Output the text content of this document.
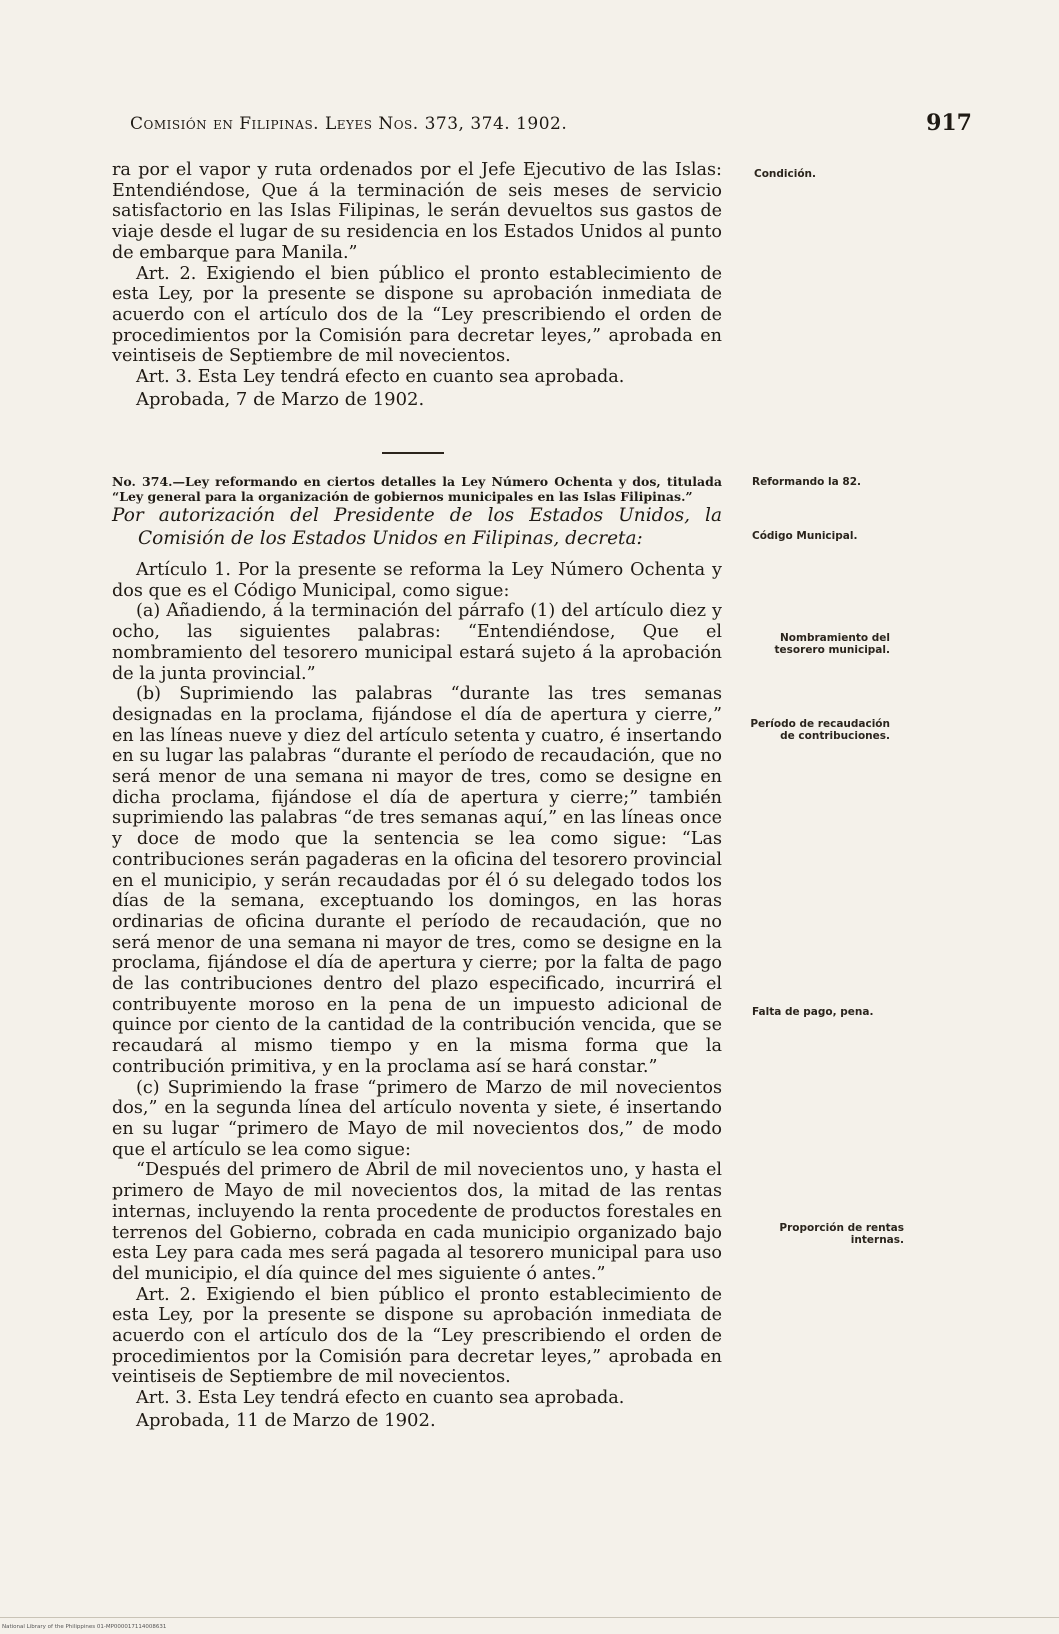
Comisión en Filipinas. Leyes Nos. 373, 374. 1902.	917

ra por el vapor y ruta ordenados por el Jefe Ejecutivo de las Islas: Entendiéndose, Que á la terminación de seis meses de servicio satisfactorio en las Islas Filipinas, le serán devueltos sus gastos de viaje desde el lugar de su residencia en los Estados Unidos al punto de embarque para Manila.”

Art. 2. Exigiendo el bien público el pronto establecimiento de esta Ley, por la presente se dispone su aprobación inmediata de acuerdo con el artículo dos de la “Ley prescribiendo el orden de procedimientos por la Comisión para decretar leyes,” aprobada en veintiseis de Septiembre de mil novecientos.

Art. 3. Esta Ley tendrá efecto en cuanto sea aprobada.

Aprobada, 7 de Marzo de 1902.

No. 374.—Ley reformando en ciertos detalles la Ley Número Ochenta y dos, titulada “Ley general para la organización de gobiernos municipales en las Islas Filipinas.”

Por autorización del Presidente de los Estados Unidos, la Comisión de los Estados Unidos en Filipinas, decreta:

Artículo 1. Por la presente se reforma la Ley Número Ochenta y dos que es el Código Municipal, como sigue:

(a) Añadiendo, á la terminación del párrafo (1) del artículo diez y ocho, las siguientes palabras: “Entendiéndose, Que el nombramiento del tesorero municipal estará sujeto á la aprobación de la junta provincial.”

(b) Suprimiendo las palabras “durante las tres semanas designadas en la proclama, fijándose el día de apertura y cierre,” en las líneas nueve y diez del artículo setenta y cuatro, é insertando en su lugar las palabras “durante el período de recaudación, que no será menor de una semana ni mayor de tres, como se designe en dicha proclama, fijándose el día de apertura y cierre;” también suprimiendo las palabras “de tres semanas aquí,” en las líneas once y doce de modo que la sentencia se lea como sigue: “Las contribuciones serán pagaderas en la oficina del tesorero provincial en el municipio, y serán recaudadas por él ó su delegado todos los días de la semana, exceptuando los domingos, en las horas ordinarias de oficina durante el período de recaudación, que no será menor de una semana ni mayor de tres, como se designe en la proclama, fijándose el día de apertura y cierre; por la falta de pago de las contribuciones dentro del plazo especificado, incurrirá el contribuyente moroso en la pena de un impuesto adicional de quince por ciento de la cantidad de la contribución vencida, que se recaudará al mismo tiempo y en la misma forma que la contribución primitiva, y en la proclama así se hará constar.”

(c) Suprimiendo la frase “primero de Marzo de mil novecientos dos,” en la segunda línea del artículo noventa y siete, é insertando en su lugar “primero de Mayo de mil novecientos dos,” de modo que el artículo se lea como sigue:

“Después del primero de Abril de mil novecientos uno, y hasta el primero de Mayo de mil novecientos dos, la mitad de las rentas internas, incluyendo la renta procedente de productos forestales en terrenos del Gobierno, cobrada en cada municipio organizado bajo esta Ley para cada mes será pagada al tesorero municipal para uso del municipio, el día quince del mes siguiente ó antes.”

Art. 2. Exigiendo el bien público el pronto establecimiento de esta Ley, por la presente se dispone su aprobación inmediata de acuerdo con el artículo dos de la “Ley prescribiendo el orden de procedimientos por la Comisión para decretar leyes,” aprobada en veintiseis de Septiembre de mil novecientos.

Art. 3. Esta Ley tendrá efecto en cuanto sea aprobada.

Aprobada, 11 de Marzo de 1902.

Condición.
Reformando la 82.
Código Municipal.
Nombramiento del tesorero municipal.
Período de recaudación de contribuciones.
Falta de pago, pena.
Proporción de rentas internas.
National Library of the Philippines 01-MP000017114008631
